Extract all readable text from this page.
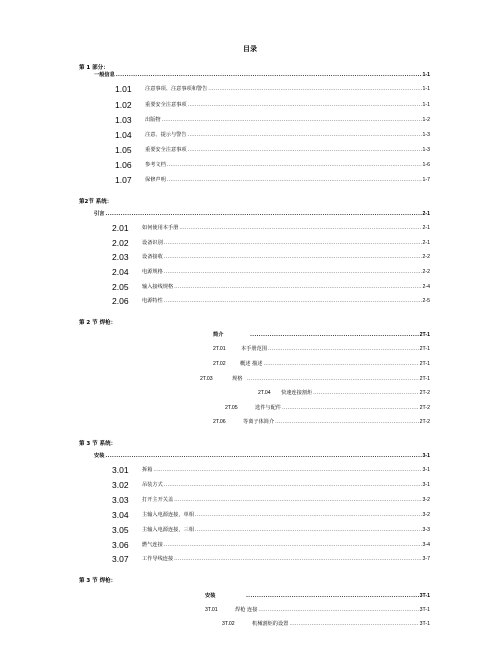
目录
第 1 部分：
一般信息 .....	1-1
1.01	注意事项、注意事项和警告 .....	1-1
1.02	重要安全注意事项 .....	1-1
1.03	出版物 .....	1-2
1.04	注意、提示与警告 .....	1-3
1.05	重要安全注意事项 .....	1-3
1.06	参考文档 .....	1-6
1.07	保修声明 .....	1-7
第2节 系统：
引言 .....	2-1
2.01	如何使用本手册 .....	2-1
2.02	设备识别 .....	2-1
2.03	设备接收 .....	2-2
2.04	电源规格 .....	2-2
2.05	输入接线规格 .....	2-4
2.06	电源特性 .....	2-5
第 2 节 焊枪：
简介 .....	2T-1
2T.01	本手册范围 .....	2T-1
2T.02	概述 描述 .....	2T-1
2T.03	规格 .....	2T-1
2T.04	快速连接割炬 .....	2T-2
2T.05	选件与配件 .....	2T-2
2T.06	等离子体简介 .....	2T-2
第 3 节 系统：
安装 .....	3-1
3.01	拆箱 .....	3-1
3.02	吊装方式 .....	3-1
3.03	打开主开关盖 .....	3-2
3.04	主输入电源连接，单相 .....	3-2
3.05	主输入电源连接，三相 .....	3-3
3.06	燃气连接 .....	3-4
3.07	工作导线连接 .....	3-7
第 3 节 焊枪：
安装 .....	3T-1
3T.01	焊枪 连接 .....	3T-1
3T.02	机械割炬的设置 .....	3T-1
